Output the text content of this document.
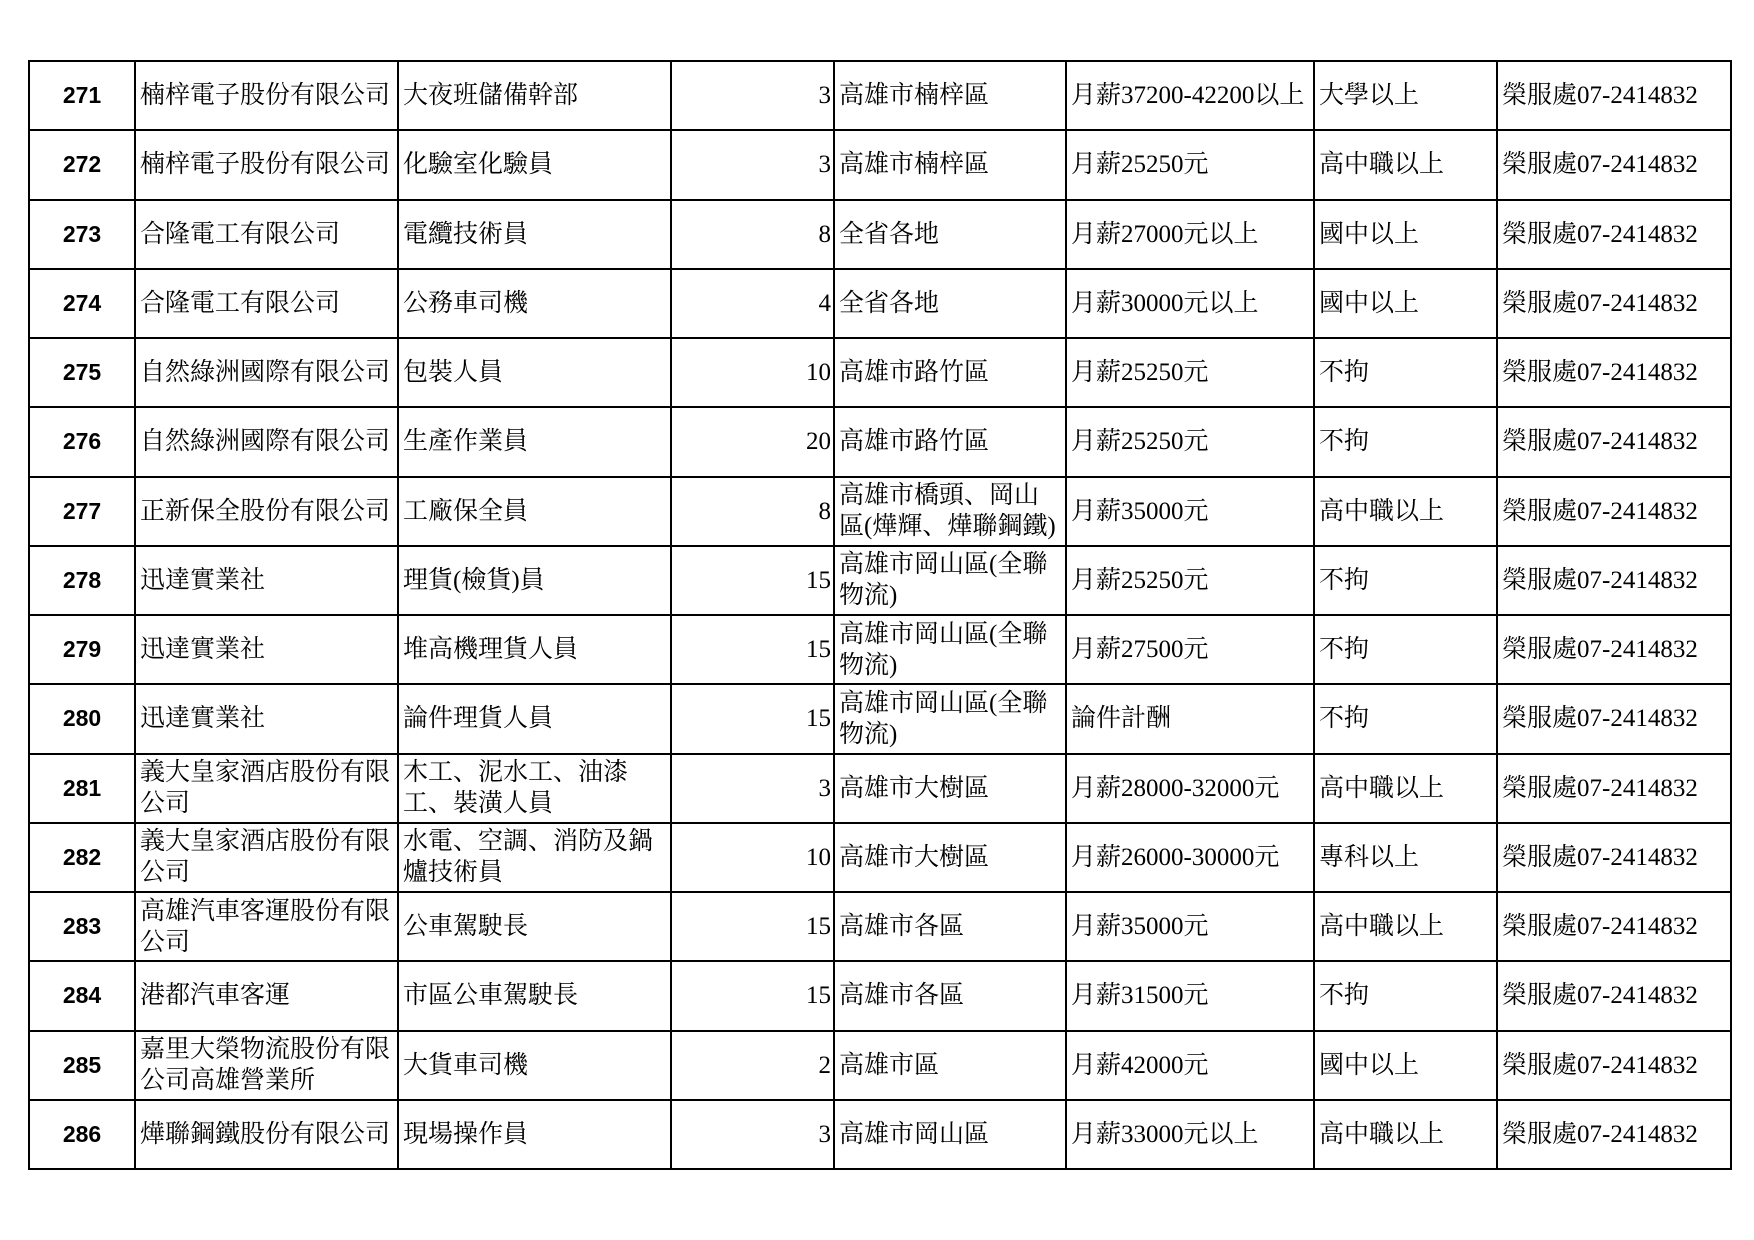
271	楠梓電子股份有限公司	大夜班儲備幹部	3	高雄市楠梓區	月薪37200-42200以上	大學以上	榮服處07-2414832
272	楠梓電子股份有限公司	化驗室化驗員	3	高雄市楠梓區	月薪25250元	高中職以上	榮服處07-2414832
273	合隆電工有限公司	電纜技術員	8	全省各地	月薪27000元以上	國中以上	榮服處07-2414832
274	合隆電工有限公司	公務車司機	4	全省各地	月薪30000元以上	國中以上	榮服處07-2414832
275	自然綠洲國際有限公司	包裝人員	10	高雄市路竹區	月薪25250元	不拘	榮服處07-2414832
276	自然綠洲國際有限公司	生產作業員	20	高雄市路竹區	月薪25250元	不拘	榮服處07-2414832
277	正新保全股份有限公司	工廠保全員	8	高雄市橋頭、岡山區(燁輝、燁聯鋼鐵)	月薪35000元	高中職以上	榮服處07-2414832
278	迅達實業社	理貨(檢貨)員	15	高雄市岡山區(全聯物流)	月薪25250元	不拘	榮服處07-2414832
279	迅達實業社	堆高機理貨人員	15	高雄市岡山區(全聯物流)	月薪27500元	不拘	榮服處07-2414832
280	迅達實業社	論件理貨人員	15	高雄市岡山區(全聯物流)	論件計酬	不拘	榮服處07-2414832
281	義大皇家酒店股份有限公司	木工、泥水工、油漆工、裝潢人員	3	高雄市大樹區	月薪28000-32000元	高中職以上	榮服處07-2414832
282	義大皇家酒店股份有限公司	水電、空調、消防及鍋爐技術員	10	高雄市大樹區	月薪26000-30000元	專科以上	榮服處07-2414832
283	高雄汽車客運股份有限公司	公車駕駛長	15	高雄市各區	月薪35000元	高中職以上	榮服處07-2414832
284	港都汽車客運	市區公車駕駛長	15	高雄市各區	月薪31500元	不拘	榮服處07-2414832
285	嘉里大榮物流股份有限公司高雄營業所	大貨車司機	2	高雄市區	月薪42000元	國中以上	榮服處07-2414832
286	燁聯鋼鐵股份有限公司	現場操作員	3	高雄市岡山區	月薪33000元以上	高中職以上	榮服處07-2414832
